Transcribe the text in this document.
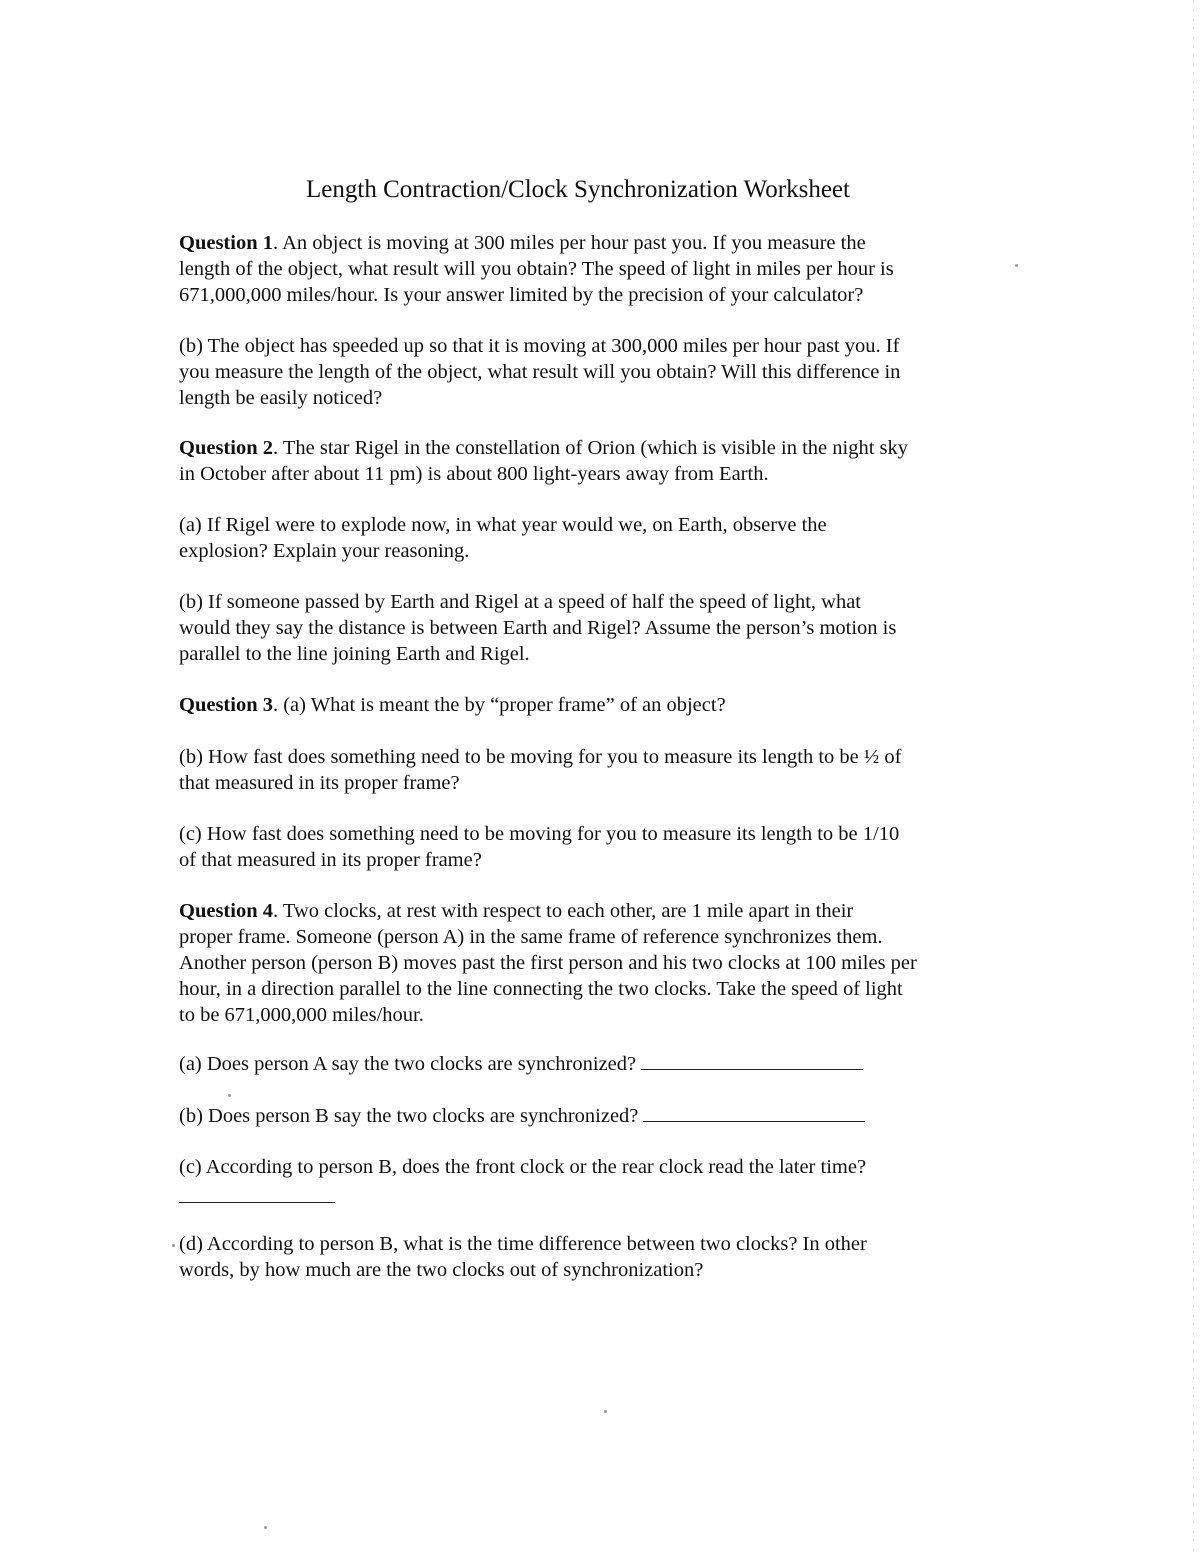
Length Contraction/Clock Synchronization Worksheet

Question 1. An object is moving at 300 miles per hour past you. If you measure the
length of the object, what result will you obtain? The speed of light in miles per hour is
671,000,000 miles/hour. Is your answer limited by the precision of your calculator?

(b) The object has speeded up so that it is moving at 300,000 miles per hour past you. If
you measure the length of the object, what result will you obtain? Will this difference in
length be easily noticed?

Question 2. The star Rigel in the constellation of Orion (which is visible in the night sky
in October after about 11 pm) is about 800 light-years away from Earth.

(a) If Rigel were to explode now, in what year would we, on Earth, observe the
explosion? Explain your reasoning.

(b) If someone passed by Earth and Rigel at a speed of half the speed of light, what
would they say the distance is between Earth and Rigel? Assume the person’s motion is
parallel to the line joining Earth and Rigel.

Question 3. (a) What is meant the by “proper frame” of an object?

(b) How fast does something need to be moving for you to measure its length to be ½ of
that measured in its proper frame?

(c) How fast does something need to be moving for you to measure its length to be 1/10
of that measured in its proper frame?

Question 4. Two clocks, at rest with respect to each other, are 1 mile apart in their
proper frame. Someone (person A) in the same frame of reference synchronizes them.
Another person (person B) moves past the first person and his two clocks at 100 miles per
hour, in a direction parallel to the line connecting the two clocks. Take the speed of light
to be 671,000,000 miles/hour.

(a) Does person A say the two clocks are synchronized?

(b) Does person B say the two clocks are synchronized?

(c) According to person B, does the front clock or the rear clock read the later time?

(d) According to person B, what is the time difference between two clocks? In other
words, by how much are the two clocks out of synchronization?
